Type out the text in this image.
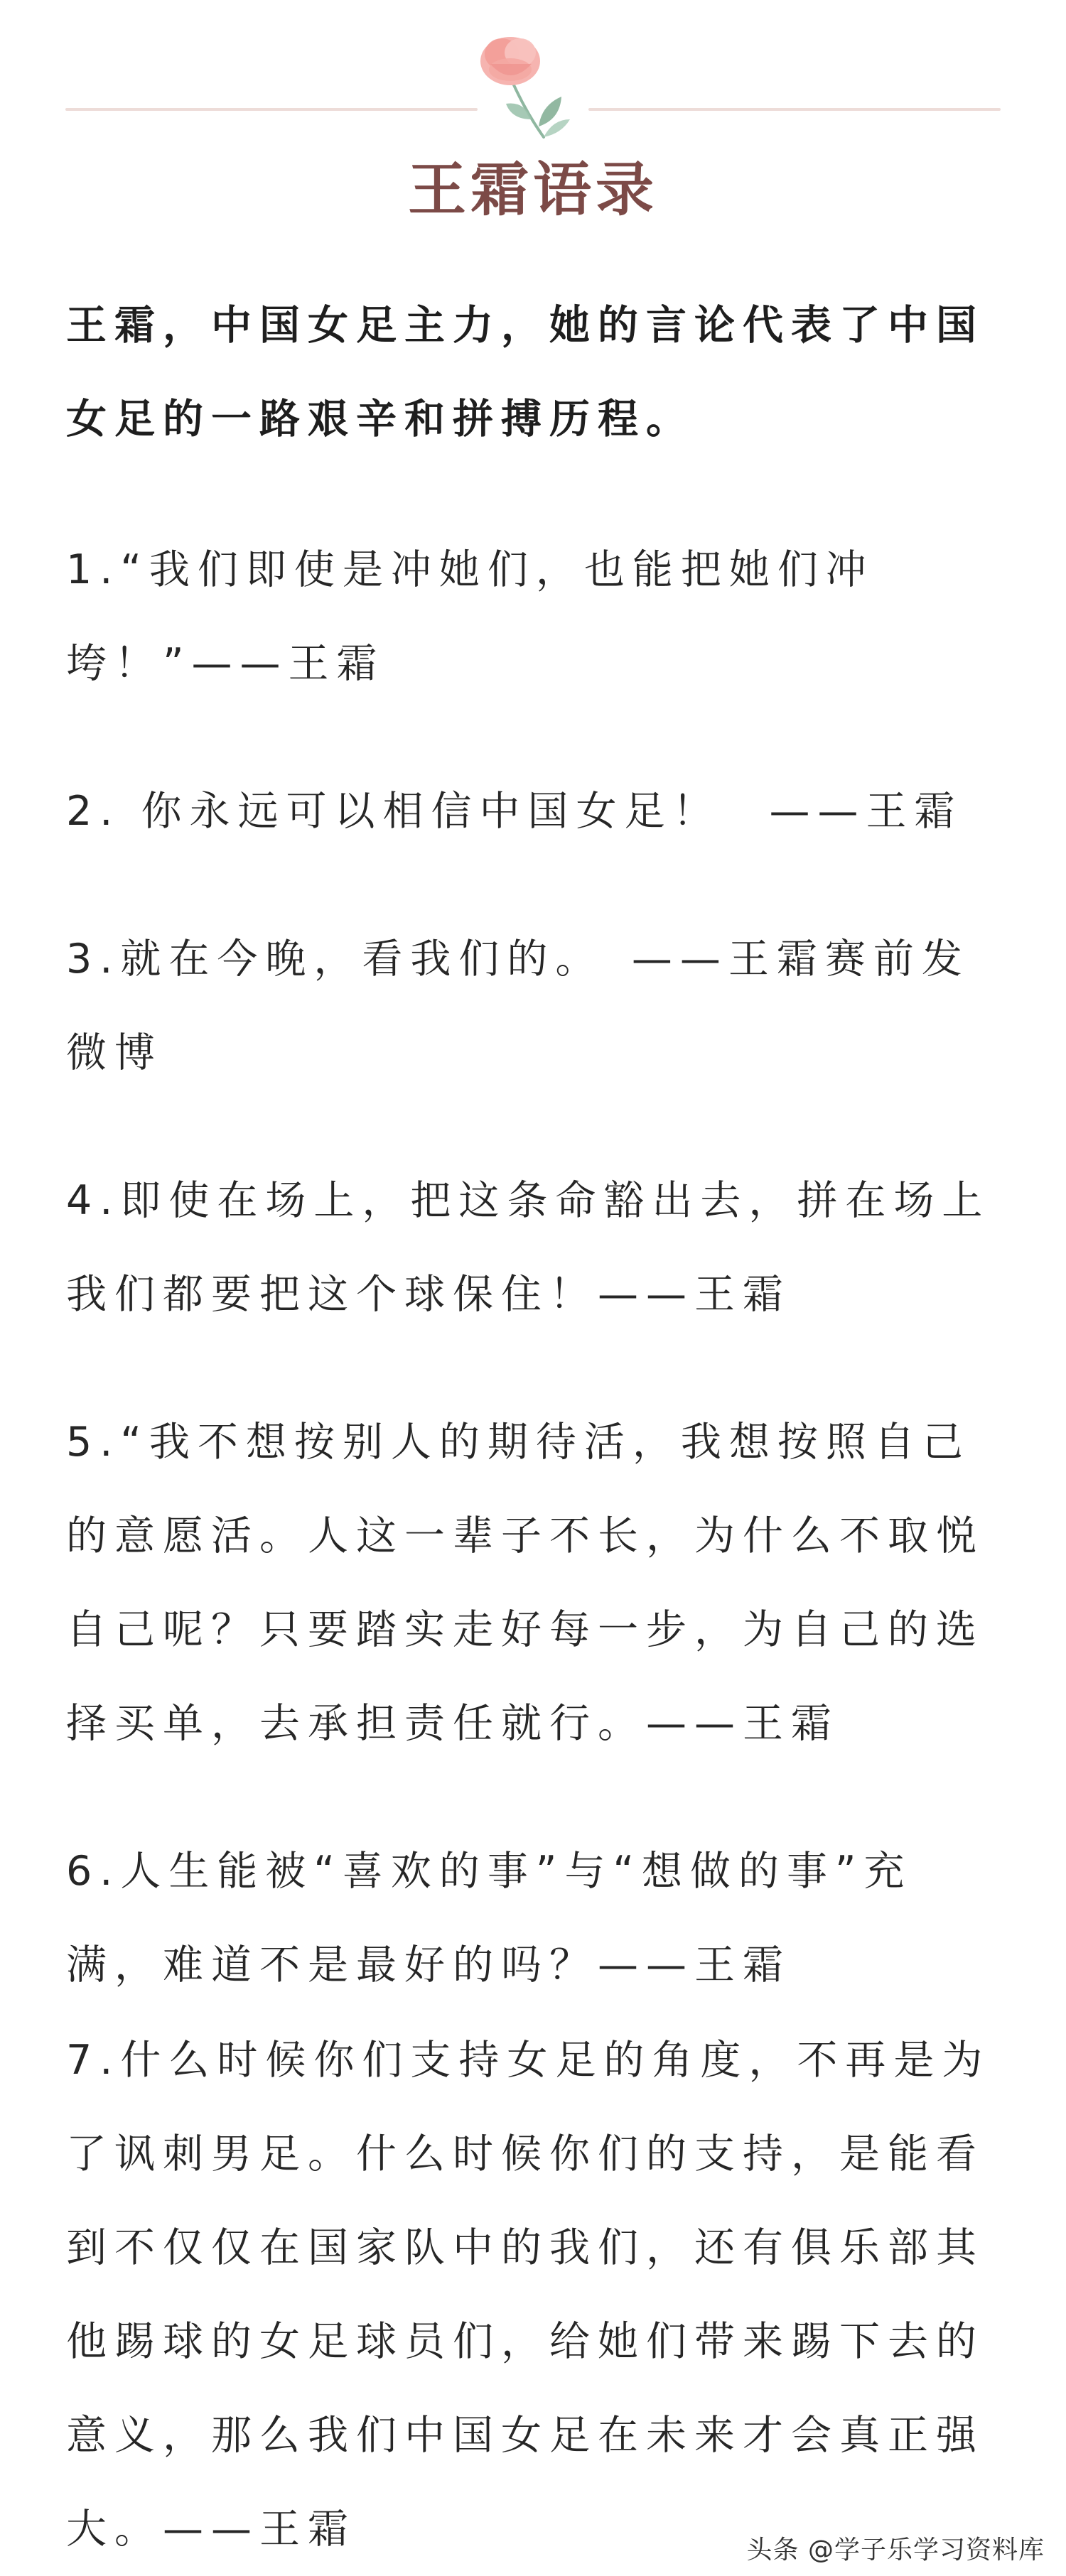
王霜语录

王霜，中国女足主力，她的言论代表了中国女足的一路艰辛和拼搏历程。

1.“我们即使是冲她们，也能把她们冲垮！”——王霜

2. 你永远可以相信中国女足！　——王霜

3.就在今晚，看我们的。　——王霜赛前发微博

4.即使在场上，把这条命豁出去，拼在场上我们都要把这个球保住！——王霜

5.“我不想按别人的期待活，我想按照自己的意愿活。人这一辈子不长，为什么不取悦自己呢？只要踏实走好每一步，为自己的选择买单，去承担责任就行。——王霜

6.人生能被“喜欢的事”与“想做的事”充满，难道不是最好的吗？——王霜

7.什么时候你们支持女足的角度，不再是为了讽刺男足。什么时候你们的支持，是能看到不仅仅在国家队中的我们，还有俱乐部其他踢球的女足球员们，给她们带来踢下去的意义，那么我们中国女足在未来才会真正强大。——王霜	头条 @学子乐学习资料库
